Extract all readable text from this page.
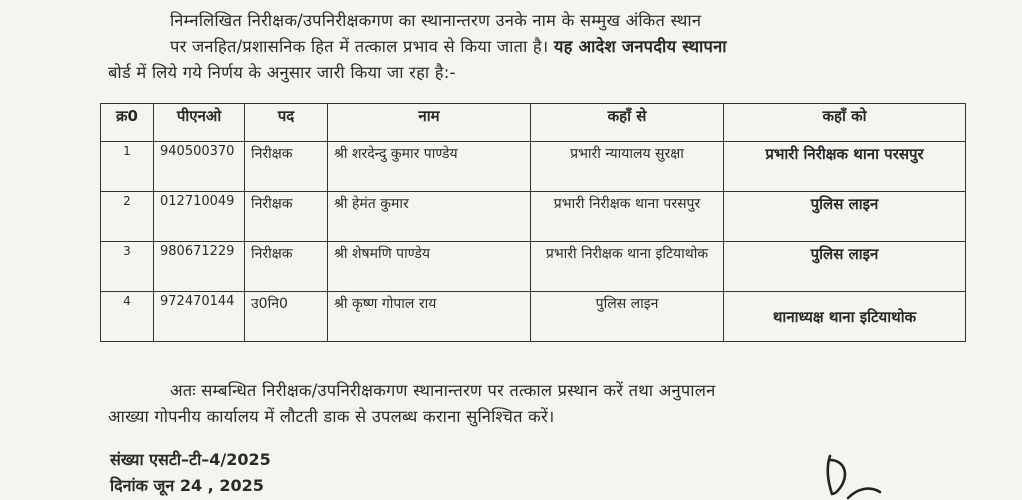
निम्नलिखित निरीक्षक/उपनिरीक्षकगण का स्थानान्तरण उनके नाम के सम्मुख अंकित स्थान

पर जनहित/प्रशासनिक हित में तत्काल प्रभाव से किया जाता है। यह आदेश जनपदीय स्थापना

बोर्ड में लिये गये निर्णय के अनुसार जारी किया जा रहा है:-

क्र0	पीएनओ	पद	नाम	कहाँ से	कहाँ को
1	940500370	निरीक्षक	श्री शरदेन्दु कुमार पाण्डेय	प्रभारी न्यायालय सुरक्षा	प्रभारी निरीक्षक थाना परसपुर
2	012710049	निरीक्षक	श्री हेमंत कुमार	प्रभारी निरीक्षक थाना परसपुर	पुलिस लाइन
3	980671229	निरीक्षक	श्री शेषमणि पाण्डेय	प्रभारी निरीक्षक थाना इटियाथोक	पुलिस लाइन
4	972470144	उ0नि0	श्री कृष्ण गोपाल राय	पुलिस लाइन	थानाध्यक्ष थाना इटियाथोक

अतः सम्बन्धित निरीक्षक/उपनिरीक्षकगण स्थानान्तरण पर तत्काल प्रस्थान करें तथा अनुपालन

आख्या गोपनीय कार्यालय में लौटती डाक से उपलब्ध कराना सुनिश्चित करें।

संख्या एसटी–टी–4/2025
दिनांक जून 24 , 2025
